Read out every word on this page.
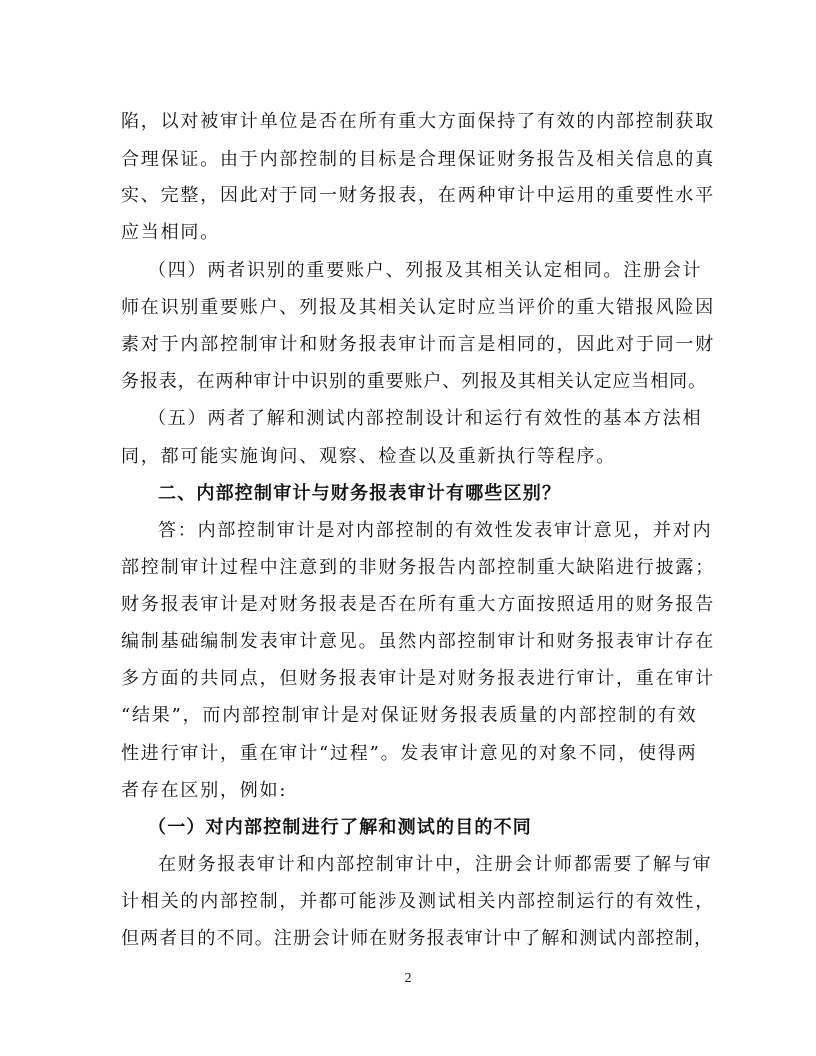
陷，以对被审计单位是否在所有重大方面保持了有效的内部控制获取
合理保证。由于内部控制的目标是合理保证财务报告及相关信息的真
实、完整，因此对于同一财务报表，在两种审计中运用的重要性水平
应当相同。
（四）两者识别的重要账户、列报及其相关认定相同。注册会计
师在识别重要账户、列报及其相关认定时应当评价的重大错报风险因
素对于内部控制审计和财务报表审计而言是相同的，因此对于同一财
务报表，在两种审计中识别的重要账户、列报及其相关认定应当相同。
（五）两者了解和测试内部控制设计和运行有效性的基本方法相
同，都可能实施询问、观察、检查以及重新执行等程序。
二、内部控制审计与财务报表审计有哪些区别？
答：内部控制审计是对内部控制的有效性发表审计意见，并对内
部控制审计过程中注意到的非财务报告内部控制重大缺陷进行披露；
财务报表审计是对财务报表是否在所有重大方面按照适用的财务报告
编制基础编制发表审计意见。虽然内部控制审计和财务报表审计存在
多方面的共同点，但财务报表审计是对财务报表进行审计，重在审计
“结果”，而内部控制审计是对保证财务报表质量的内部控制的有效
性进行审计，重在审计“过程”。发表审计意见的对象不同，使得两
者存在区别，例如:
（一）对内部控制进行了解和测试的目的不同
在财务报表审计和内部控制审计中，注册会计师都需要了解与审
计相关的内部控制，并都可能涉及测试相关内部控制运行的有效性，
但两者目的不同。注册会计师在财务报表审计中了解和测试内部控制，
2
